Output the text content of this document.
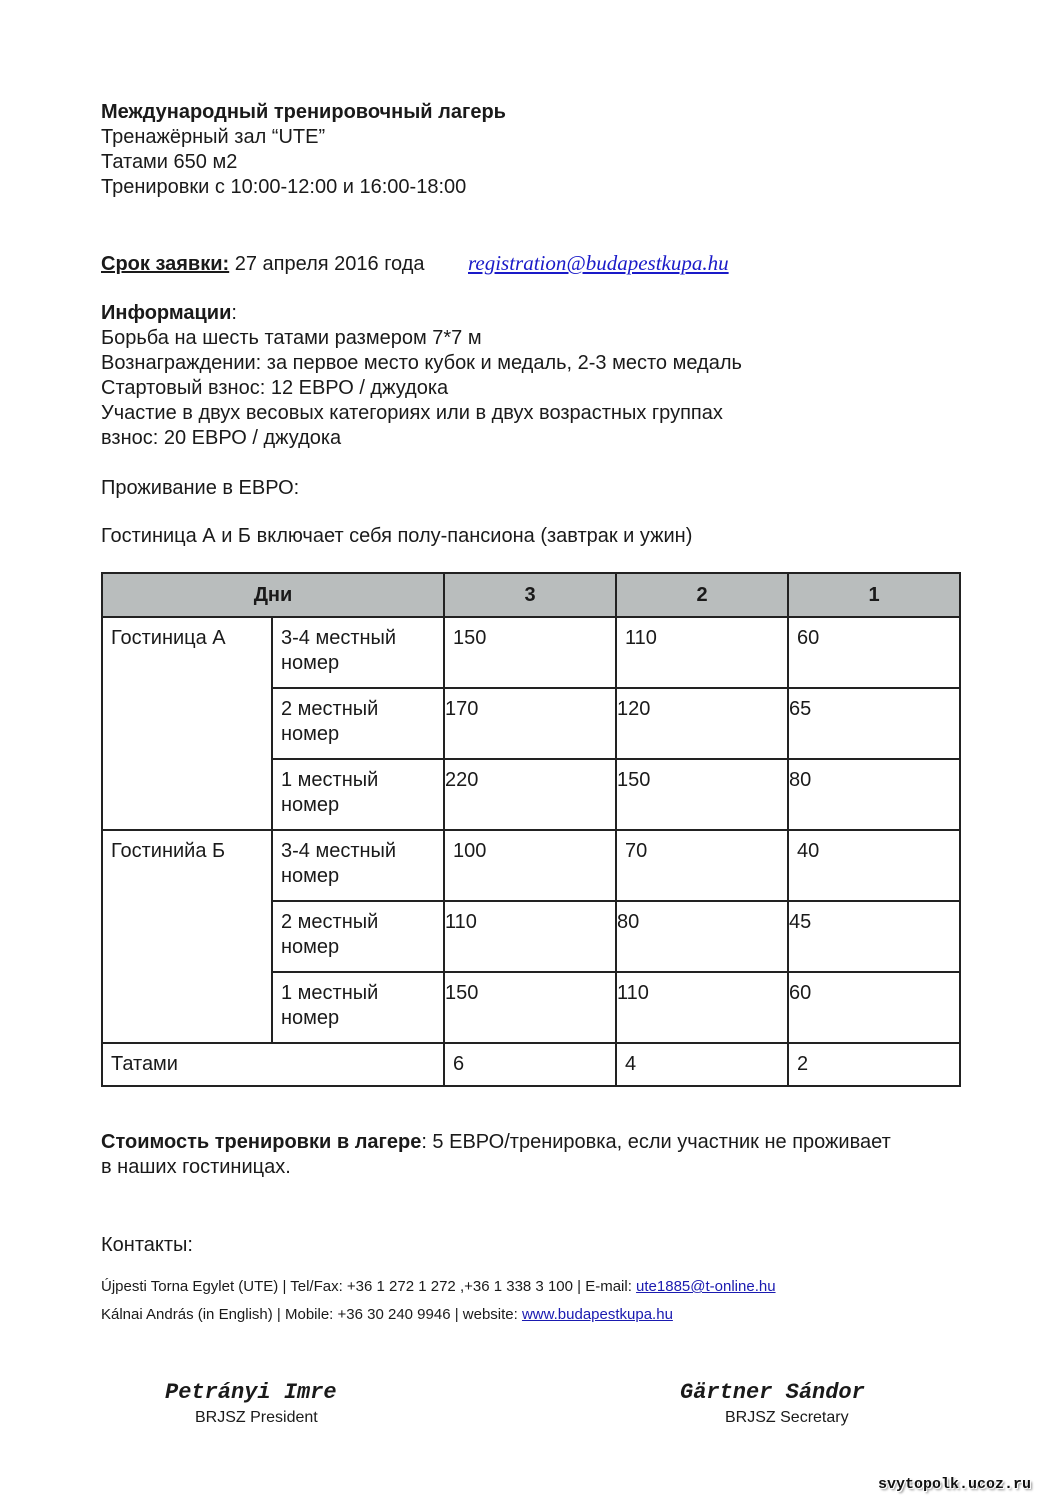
Международный тренировочный лагерь
Тренажёрный зал “UTE”
Татами 650 м2
Тренировки с 10:00-12:00 и 16:00-18:00
Срок заявки: 27 апреля 2016 года registration@budapestkupa.hu
Информации:
Борьба на шесть татами размером 7*7 м
Вознаграждении: за первое место кубок и медаль, 2-3 место медаль
Стартовый взнос: 12 ЕВРО / джудока
Участие в двух весовых категориях или в двух возрастных группах
взнос: 20 ЕВРО / джудока
Проживание в ЕВРО:
Гостиница А и Б включает себя полу-пансиона (завтрак и ужин)
Дни		3	2	1
Гостиница А	3-4 местный номер	150	110	60
	2 местный номер	170	120	65
	1 местный номер	220	150	80
Гостинийа Б	3-4 местный номер	100	70	40
	2 местный номер	110	80	45
	1 местный номер	150	110	60
Татами		6	4	2
Стоимость тренировки в лагере: 5 ЕВРО/тренировка, если участник не проживает
в наших гостиницах.
Контакты:
Újpesti Torna Egylet (UTE) | Tel/Fax: +36 1 272 1 272 ,+36 1 338 3 100 | E-mail: ute1885@t-online.hu
Kálnai András (in English) | Mobile: +36 30 240 9946 | website: www.budapestkupa.hu
Petrányi Imre
BRJSZ President
Gärtner Sándor
BRJSZ Secretary
svytopolk.ucoz.ru
